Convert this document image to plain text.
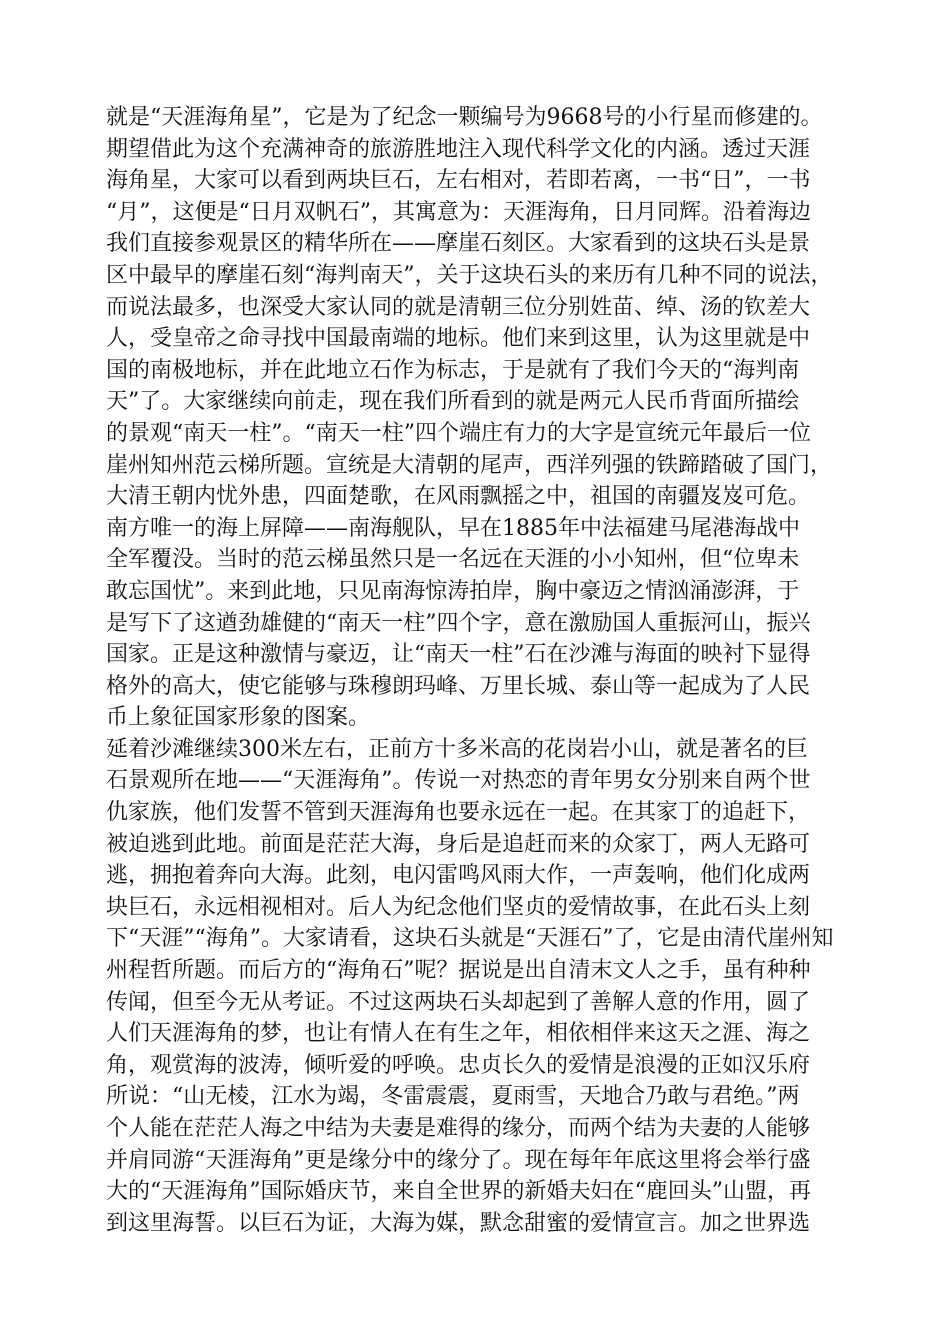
就是“天涯海角星”，它是为了纪念一颗编号为9668号的小行星而修建的。
期望借此为这个充满神奇的旅游胜地注入现代科学文化的内涵。透过天涯
海角星，大家可以看到两块巨石，左右相对，若即若离，一书“日”，一书
“月”，这便是“日月双帆石”，其寓意为：天涯海角，日月同辉。沿着海边
我们直接参观景区的精华所在——摩崖石刻区。大家看到的这块石头是景
区中最早的摩崖石刻“海判南天”，关于这块石头的来历有几种不同的说法，
而说法最多，也深受大家认同的就是清朝三位分别姓苗、绰、汤的钦差大
人，受皇帝之命寻找中国最南端的地标。他们来到这里，认为这里就是中
国的南极地标，并在此地立石作为标志，于是就有了我们今天的“海判南
天”了。大家继续向前走，现在我们所看到的就是两元人民币背面所描绘
的景观“南天一柱”。“南天一柱”四个端庄有力的大字是宣统元年最后一位
崖州知州范云梯所题。宣统是大清朝的尾声，西洋列强的铁蹄踏破了国门，
大清王朝内忧外患，四面楚歌，在风雨飘摇之中，祖国的南疆岌岌可危。
南方唯一的海上屏障——南海舰队，早在1885年中法福建马尾港海战中
全军覆没。当时的范云梯虽然只是一名远在天涯的小小知州，但“位卑未
敢忘国忧”。来到此地，只见南海惊涛拍岸，胸中豪迈之情汹涌澎湃，于
是写下了这遒劲雄健的“南天一柱”四个字，意在激励国人重振河山，振兴
国家。正是这种激情与豪迈，让“南天一柱”石在沙滩与海面的映衬下显得
格外的高大，使它能够与珠穆朗玛峰、万里长城、泰山等一起成为了人民
币上象征国家形象的图案。
延着沙滩继续300米左右，正前方十多米高的花岗岩小山，就是著名的巨
石景观所在地——“天涯海角”。传说一对热恋的青年男女分别来自两个世
仇家族，他们发誓不管到天涯海角也要永远在一起。在其家丁的追赶下，
被迫逃到此地。前面是茫茫大海，身后是追赶而来的众家丁，两人无路可
逃，拥抱着奔向大海。此刻，电闪雷鸣风雨大作，一声轰响，他们化成两
块巨石，永远相视相对。后人为纪念他们坚贞的爱情故事，在此石头上刻
下“天涯”“海角”。大家请看，这块石头就是“天涯石”了，它是由清代崖州知
州程哲所题。而后方的“海角石”呢？据说是出自清末文人之手，虽有种种
传闻，但至今无从考证。不过这两块石头却起到了善解人意的作用，圆了
人们天涯海角的梦，也让有情人在有生之年，相依相伴来这天之涯、海之
角，观赏海的波涛，倾听爱的呼唤。忠贞长久的爱情是浪漫的正如汉乐府
所说：“山无棱，江水为竭，冬雷震震，夏雨雪，天地合乃敢与君绝。”两
个人能在茫茫人海之中结为夫妻是难得的缘分，而两个结为夫妻的人能够
并肩同游“天涯海角”更是缘分中的缘分了。现在每年年底这里将会举行盛
大的“天涯海角”国际婚庆节，来自全世界的新婚夫妇在“鹿回头”山盟，再
到这里海誓。以巨石为证，大海为媒，默念甜蜜的爱情宣言。加之世界选
